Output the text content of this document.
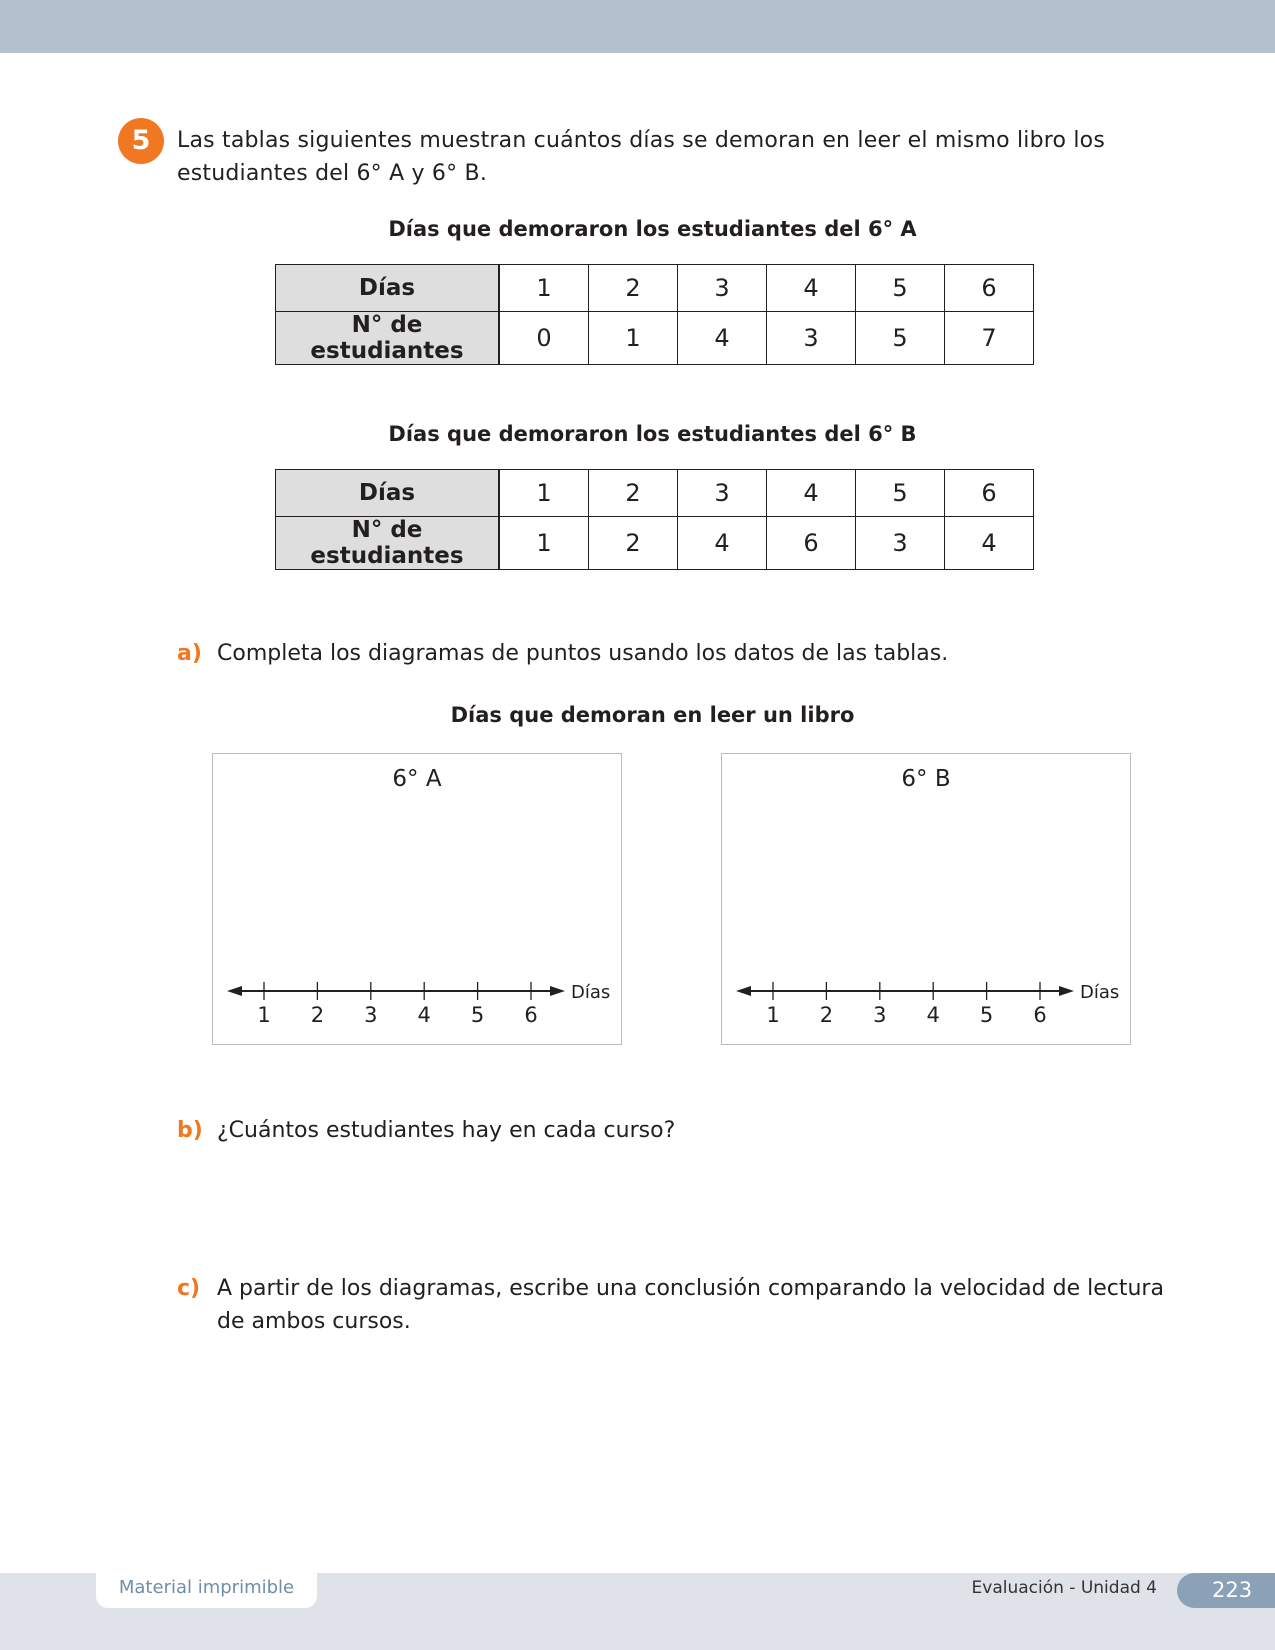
5	Las tablas siguientes muestran cuántos días se demoran en leer el mismo libro los estudiantes del 6° A y 6° B.
Días que demoraron los estudiantes del 6° A
Días	1	2	3	4	5	6
N° de estudiantes	0	1	4	3	5	7
Días que demoraron los estudiantes del 6° B
Días	1	2	3	4	5	6
N° de estudiantes	1	2	4	6	3	4
a) Completa los diagramas de puntos usando los datos de las tablas.
Días que demoran en leer un libro
6° A
1 2 3 4 5 6
Días
6° B
1 2 3 4 5 6
Días
b) ¿Cuántos estudiantes hay en cada curso?
c) A partir de los diagramas, escribe una conclusión comparando la velocidad de lectura de ambos cursos.
Material imprimible	Evaluación - Unidad 4	223
